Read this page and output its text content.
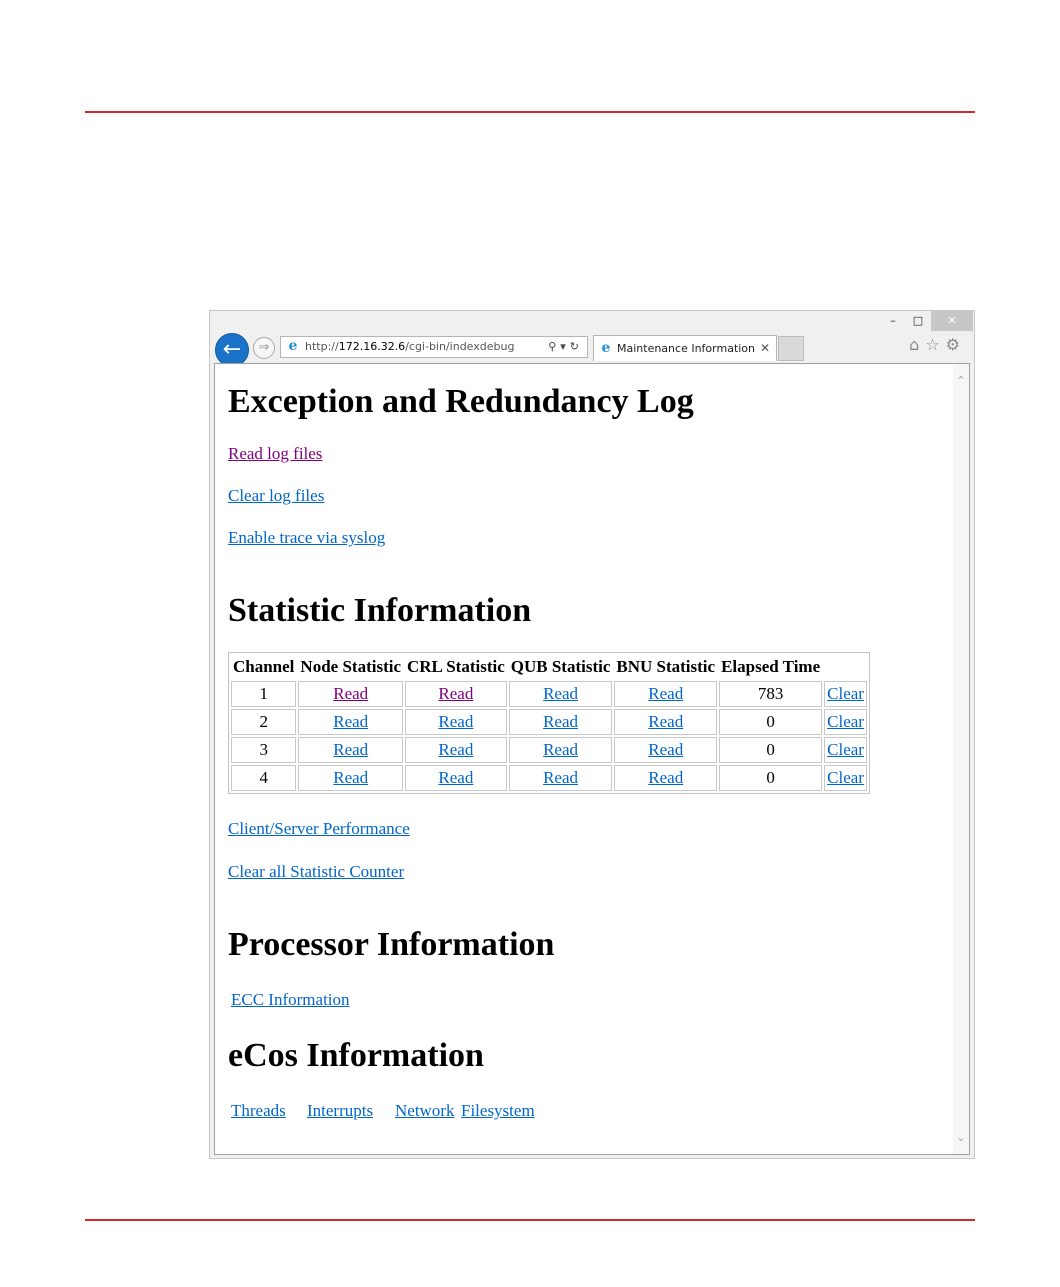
–	□	✕
←	⇒	e http://172.16.32.6/cgi-bin/indexdebug	⚲▾↻ e Maintenance Information ✕	⌂☆⚙
Exception and Redundancy Log
Read log files
Clear log files
Enable trace via syslog
Statistic Information
Channel	Node Statistic	CRL Statistic	QUB Statistic	BNU Statistic	Elapsed Time	
1	Read	Read	Read	Read	783	Clear
2	Read	Read	Read	Read	0	Clear
3	Read	Read	Read	Read	0	Clear
4	Read	Read	Read	Read	0	Clear
Client/Server Performance
Clear all Statistic Counter
Processor Information
ECC Information
eCos Information
Threads Interrupts Network Filesystem
⌃
⌄
